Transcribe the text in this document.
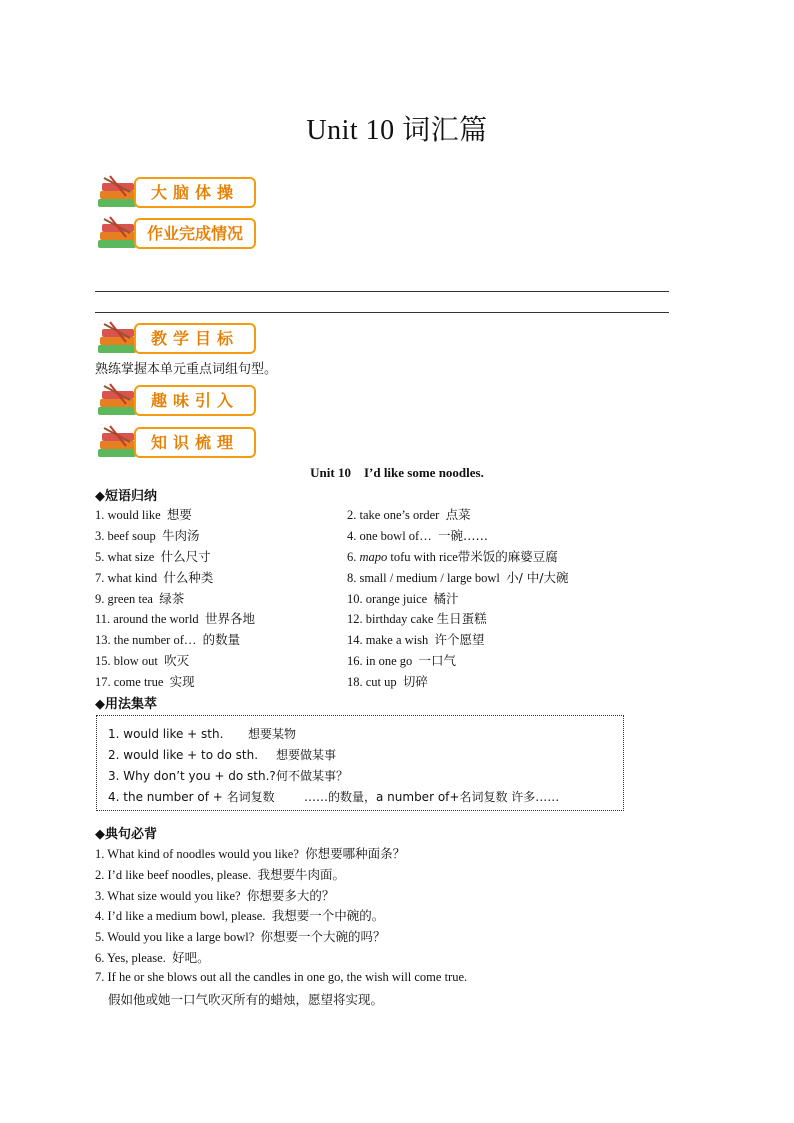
Unit 10 词汇篇
大脑体操
作业完成情况
教学目标
熟练掌握本单元重点词组句型。
趣味引入
知识梳理
Unit 10    I’d like some noodles.
◆短语归纳
1. would like 想要
3. beef soup 牛肉汤
5. what size 什么尺寸
7. what kind 什么种类
9. green tea 绿茶
11. around the world 世界各地
13. the number of… 的数量
15. blow out 吹灭
17. come true 实现
2. take one’s order 点菜
4. one bowl of… 一碗……
6. mapo tofu with rice带米饭的麻婆豆腐
8. small / medium / large bowl 小/ 中/大碗
10. orange juice 橘汁
12. birthday cake 生日蛋糕
14. make a wish 许个愿望
16. in one go 一口气
18. cut up 切碎
◆用法集萃
1. would like + sth. 想要某物
2. would like + to do sth. 想要做某事
3. Why don’t you + do sth.?何不做某事？
4. the number of + 名词复数 ……的数量，a number of+名词复数 许多……
◆典句必背
1. What kind of noodles would you like? 你想要哪种面条？
2. I’d like beef noodles, please. 我想要牛肉面。
3. What size would you like? 你想要多大的？
4. I’d like a medium bowl, please. 我想要一个中碗的。
5. Would you like a large bowl? 你想要一个大碗的吗？
6. Yes, please. 好吧。
7. If he or she blows out all the candles in one go, the wish will come true.
假如他或她一口气吹灭所有的蜡烛，愿望将实现。
